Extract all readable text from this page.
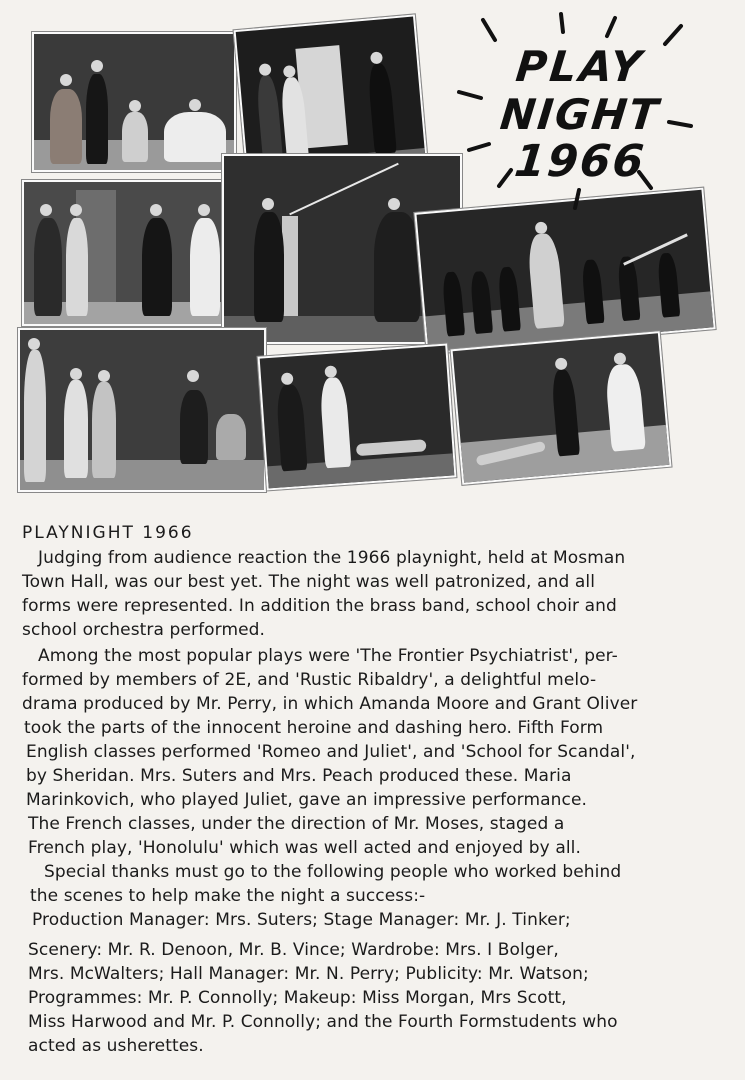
PLAY
NIGHT
1966
PLAYNIGHT 1966
Judging from audience reaction the 1966 playnight, held at Mosman
Town Hall, was our best yet. The night was well patronized, and all
forms were represented. In addition the brass band, school choir and
school orchestra performed.
Among the most popular plays were 'The Frontier Psychiatrist', per-
formed by members of 2E, and 'Rustic Ribaldry', a delightful melo-
drama produced by Mr. Perry, in which Amanda Moore and Grant Oliver
took the parts of the innocent heroine and dashing hero. Fifth Form
English classes performed 'Romeo and Juliet', and 'School for Scandal',
by Sheridan. Mrs. Suters and Mrs. Peach produced these. Maria
Marinkovich, who played Juliet, gave an impressive performance.
The French classes, under the direction of Mr. Moses, staged a
French play, 'Honolulu' which was well acted and enjoyed by all.
Special thanks must go to the following people who worked behind
the scenes to help make the night a success:-
Production Manager: Mrs. Suters; Stage Manager: Mr. J. Tinker;
Scenery: Mr. R. Denoon, Mr. B. Vince; Wardrobe: Mrs. I Bolger,
Mrs. McWalters; Hall Manager: Mr. N. Perry; Publicity: Mr. Watson;
Programmes: Mr. P. Connolly; Makeup: Miss Morgan, Mrs Scott,
Miss Harwood and Mr. P. Connolly; and the Fourth Formstudents who
acted as usherettes.
